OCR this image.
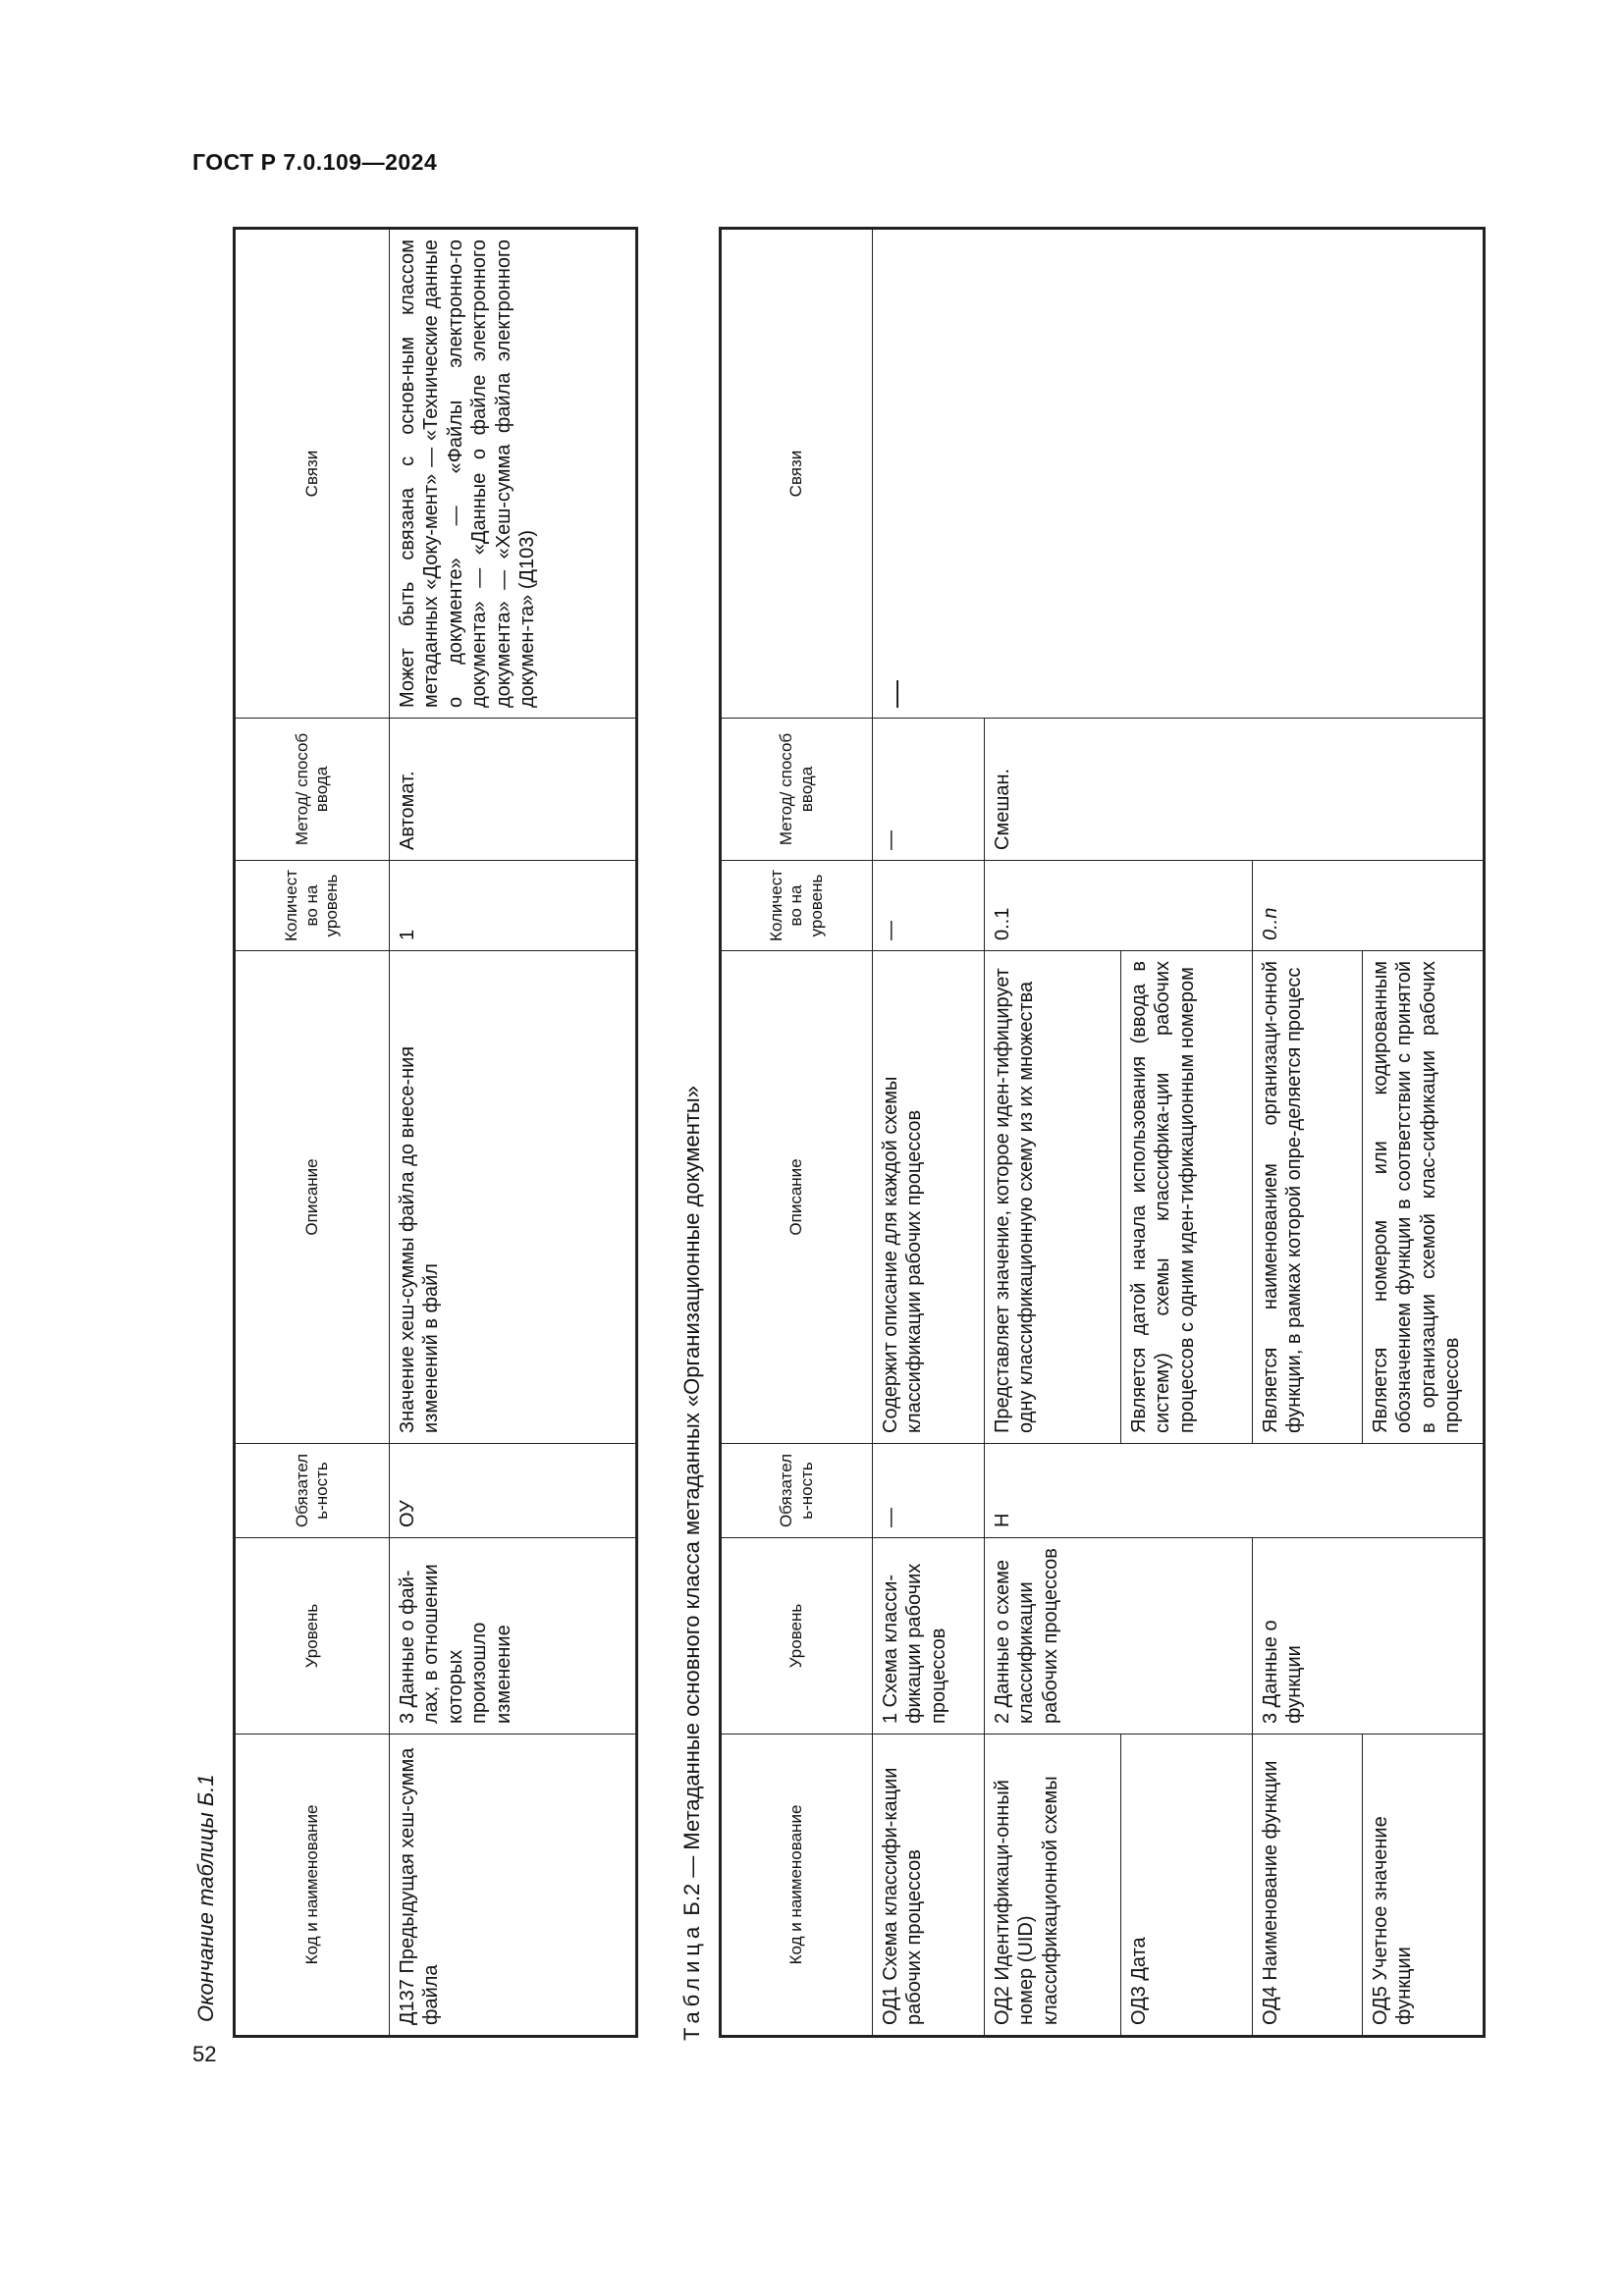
ГОСТ Р 7.0.109—2024
52
Окончание таблицы Б.1	Код и наименование	Уровень	Обязатель-ность	Описание	Количество на уровень	Метод/ способ ввода	Связи
Д137 Предыдущая хеш-сумма файла	3 Данные о фай-лах, в отношении которых произошло изменение	ОУ	Значение хеш-суммы файла до внесе-ния изменений в файл	1	Автомат.	Может быть связана с основ-ным классом метаданных «Доку-мент» — «Технические данные о документе» — «Файлы электронно-го документа» — «Данные о файле электронного документа» — «Хеш-сумма файла электронного докумен-та» (Д103)
Таблица Б.2 — Метаданные основного класса метаданных «Организационные документы»	Код и наименование	Уровень	Обязатель-ность	Описание	Количество на уровень	Метод/ способ ввода	Связи
ОД1 Схема классифи-кации рабочих процессов	1 Схема класси-фикации рабочих процессов	—	Содержит описание для каждой схемы классификации рабочих процессов	—	—	—
ОД2 Идентификаци-онный номер (UID) классификационной схемы	2 Данные о схеме классификации рабочих процессов	Н	Представляет значение, которое иден-тифицирует одну классификационную схему из их множества	0..1	Смешан.	
ОД3 Дата			Является датой начала использования (ввода в систему) схемы классифика-ции рабочих процессов с одним иден-тификационным номером			
ОД4 Наименование функции	3 Данные о функции		Является наименованием организаци-онной функции, в рамках которой опре-деляется процесс	0..n		
ОД5 Учетное значение функции			Является номером или кодированным обозначением функции в соответствии с принятой в организации схемой клас-сификации рабочих процессов			
